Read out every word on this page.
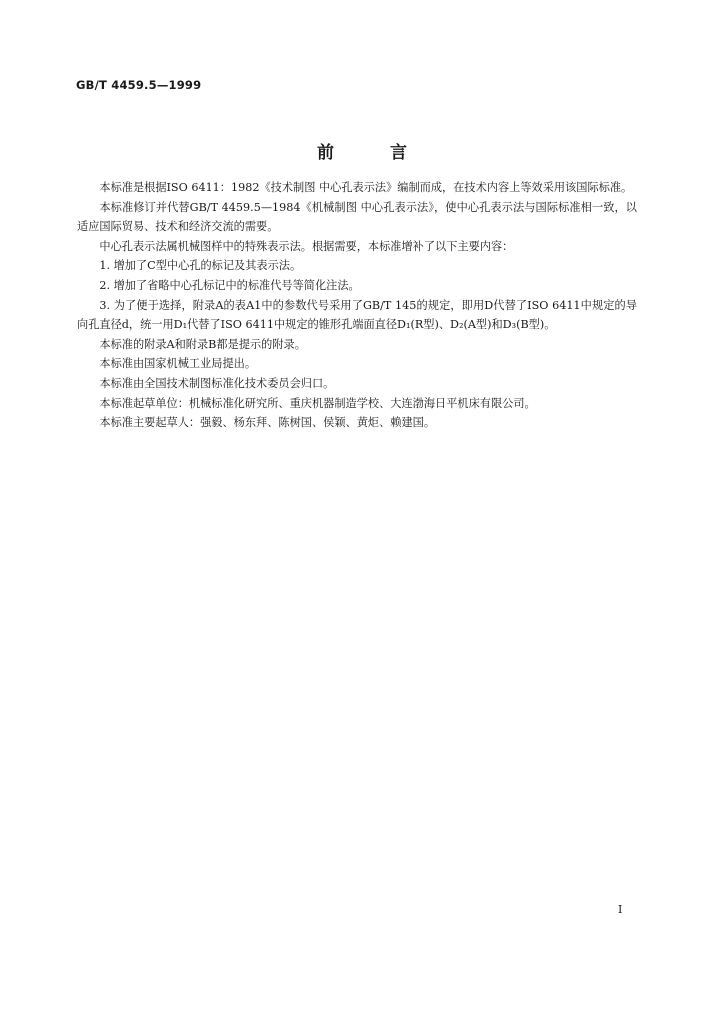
GB/T 4459.5—1999
前言

本标准是根据ISO 6411：1982《技术制图 中心孔表示法》编制而成，在技术内容上等效采用该国际标准。

本标准修订并代替GB/T 4459.5—1984《机械制图 中心孔表示法》，使中心孔表示法与国际标准相一致，以适应国际贸易、技术和经济交流的需要。

中心孔表示法属机械图样中的特殊表示法。根据需要，本标准增补了以下主要内容：

1. 增加了C型中心孔的标记及其表示法。

2. 增加了省略中心孔标记中的标准代号等简化注法。

3. 为了便于选择，附录A的表A1中的参数代号采用了GB/T 145的规定，即用D代替了ISO 6411中规定的导向孔直径d，统一用D₁代替了ISO 6411中规定的锥形孔端面直径D₁(R型)、D₂(A型)和D₃(B型)。

本标准的附录A和附录B都是提示的附录。

本标准由国家机械工业局提出。

本标准由全国技术制图标准化技术委员会归口。

本标准起草单位：机械标准化研究所、重庆机器制造学校、大连渤海日平机床有限公司。

本标准主要起草人：强毅、杨东拜、陈树国、侯颖、黄炬、赖建国。

I
